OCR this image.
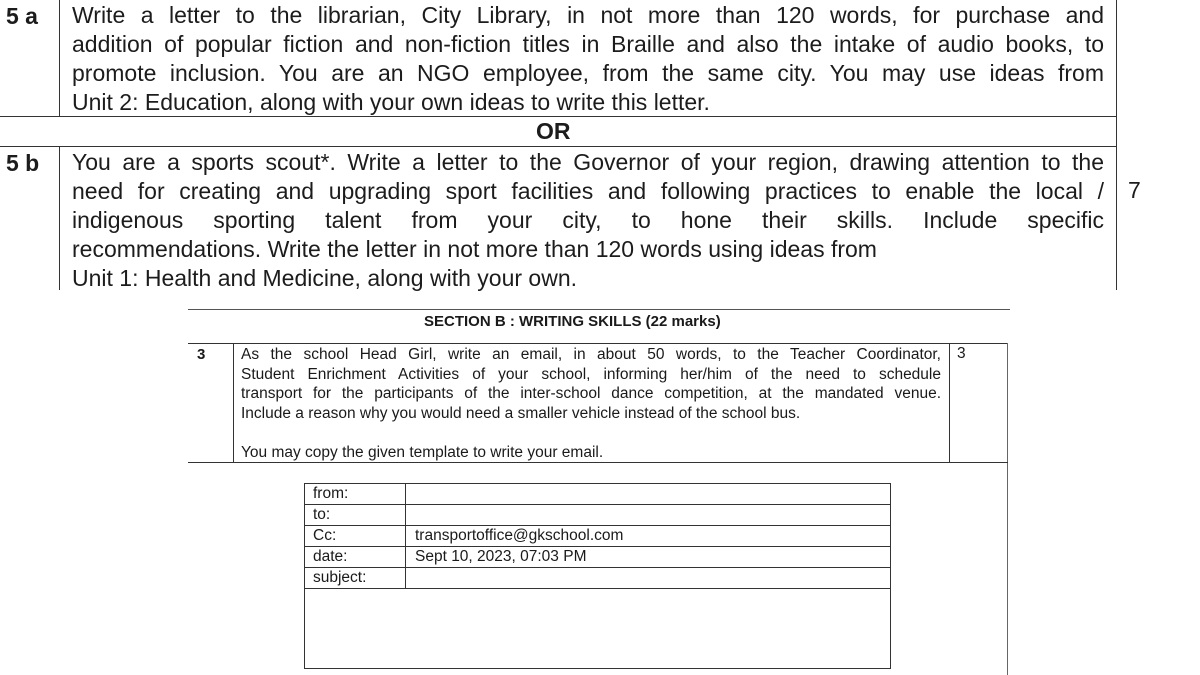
5 a Write a letter to the librarian, City Library, in not more than 120 words, for purchase and
addition of popular fiction and non-fiction titles in Braille and also the intake of audio books, to
promote inclusion. You are an NGO employee, from the same city. You may use ideas from
Unit 2: Education, along with your own ideas to write this letter.
OR
5 b You are a sports scout*. Write a letter to the Governor of your region, drawing attention to the
need for creating and upgrading sport facilities and following practices to enable the local /
indigenous sporting talent from your city, to hone their skills. Include specific
recommendations. Write the letter in not more than 120 words using ideas from
Unit 1: Health and Medicine, along with your own.
7
SECTION B : WRITING SKILLS (22 marks)
3 As the school Head Girl, write an email, in about 50 words, to the Teacher Coordinator,
Student Enrichment Activities of your school, informing her/him of the need to schedule
transport for the participants of the inter-school dance competition, at the mandated venue.
Include a reason why you would need a smaller vehicle instead of the school bus.
You may copy the given template to write your email.
3
from:
to:
Cc:	transportoffice@gkschool.com
date:	Sept 10, 2023, 07:03 PM
subject:
